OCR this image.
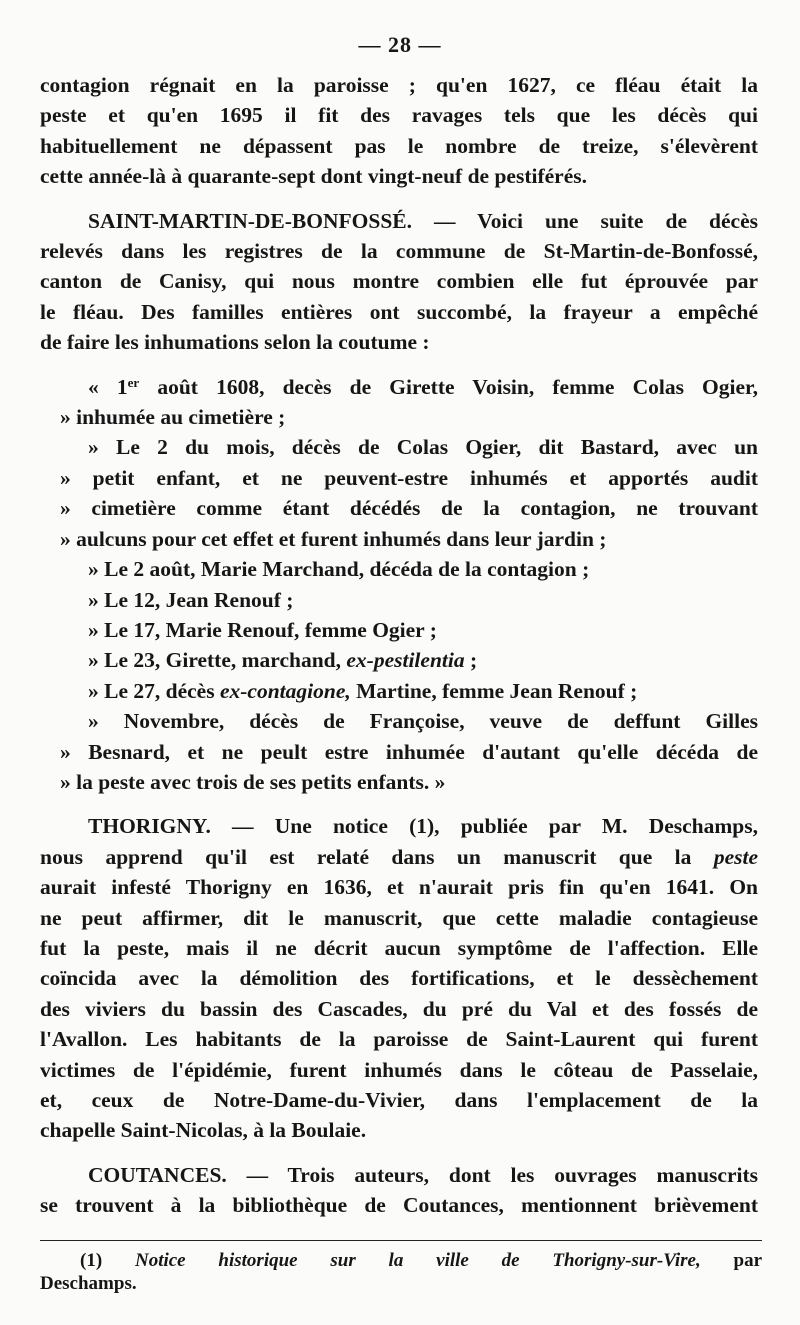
— 28 —
contagion régnait en la paroisse ; qu'en 1627, ce fléau était la
peste et qu'en 1695 il fit des ravages tels que les décès qui
habituellement ne dépassent pas le nombre de treize, s'élevèrent
cette année-là à quarante-sept dont vingt-neuf de pestiférés.
SAINT-MARTIN-DE-BONFOSSÉ. — Voici une suite de décès
relevés dans les registres de la commune de St-Martin-de-Bonfossé,
canton de Canisy, qui nous montre combien elle fut éprouvée par
le fléau. Des familles entières ont succombé, la frayeur a empêché
de faire les inhumations selon la coutume :
« 1er août 1608, decès de Girette Voisin, femme Colas Ogier,
» inhumée au cimetière ;
» Le 2 du mois, décès de Colas Ogier, dit Bastard, avec un
» petit enfant, et ne peuvent-estre inhumés et apportés audit
» cimetière comme étant décédés de la contagion, ne trouvant
» aulcuns pour cet effet et furent inhumés dans leur jardin ;
» Le 2 août, Marie Marchand, décéda de la contagion ;
» Le 12, Jean Renouf ;
» Le 17, Marie Renouf, femme Ogier ;
» Le 23, Girette, marchand, ex-pestilentia ;
» Le 27, décès ex-contagione, Martine, femme Jean Renouf ;
» Novembre, décès de Françoise, veuve de deffunt Gilles
» Besnard, et ne peult estre inhumée d'autant qu'elle décéda de
» la peste avec trois de ses petits enfants. »
THORIGNY. — Une notice (1), publiée par M. Deschamps,
nous apprend qu'il est relaté dans un manuscrit que la peste
aurait infesté Thorigny en 1636, et n'aurait pris fin qu'en 1641. On
ne peut affirmer, dit le manuscrit, que cette maladie contagieuse
fut la peste, mais il ne décrit aucun symptôme de l'affection. Elle
coïncida avec la démolition des fortifications, et le dessèchement
des viviers du bassin des Cascades, du pré du Val et des fossés de
l'Avallon. Les habitants de la paroisse de Saint-Laurent qui furent
victimes de l'épidémie, furent inhumés dans le côteau de Passelaie,
et, ceux de Notre-Dame-du-Vivier, dans l'emplacement de la
chapelle Saint-Nicolas, à la Boulaie.
COUTANCES. — Trois auteurs, dont les ouvrages manuscrits
se trouvent à la bibliothèque de Coutances, mentionnent brièvement
(1) Notice historique sur la ville de Thorigny-sur-Vire, par
Deschamps.
